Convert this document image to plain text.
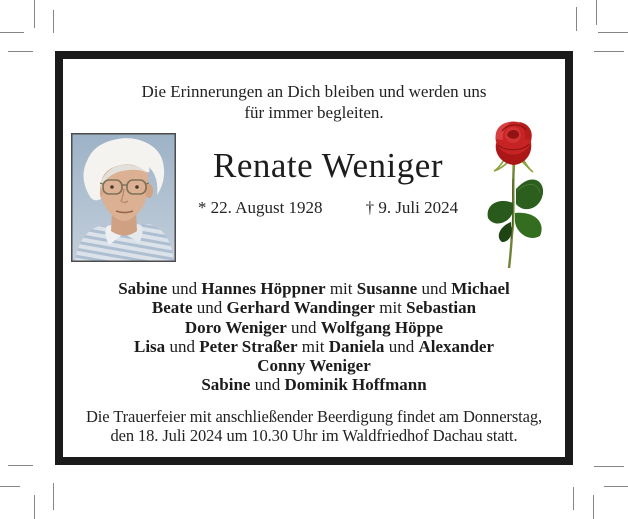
Die Erinnerungen an Dich bleiben und werden uns
für immer begleiten.
Renate Weniger
* 22. August 1928	† 9. Juli 2024
Sabine und Hannes Höppner mit Susanne und Michael
Beate und Gerhard Wandinger mit Sebastian
Doro Weniger und Wolfgang Höppe
Lisa und Peter Straßer mit Daniela und Alexander
Conny Weniger
Sabine und Dominik Hoffmann
Die Trauerfeier mit anschließender Beerdigung findet am Donnerstag,
den 18. Juli 2024 um 10.30 Uhr im Waldfriedhof Dachau statt.
